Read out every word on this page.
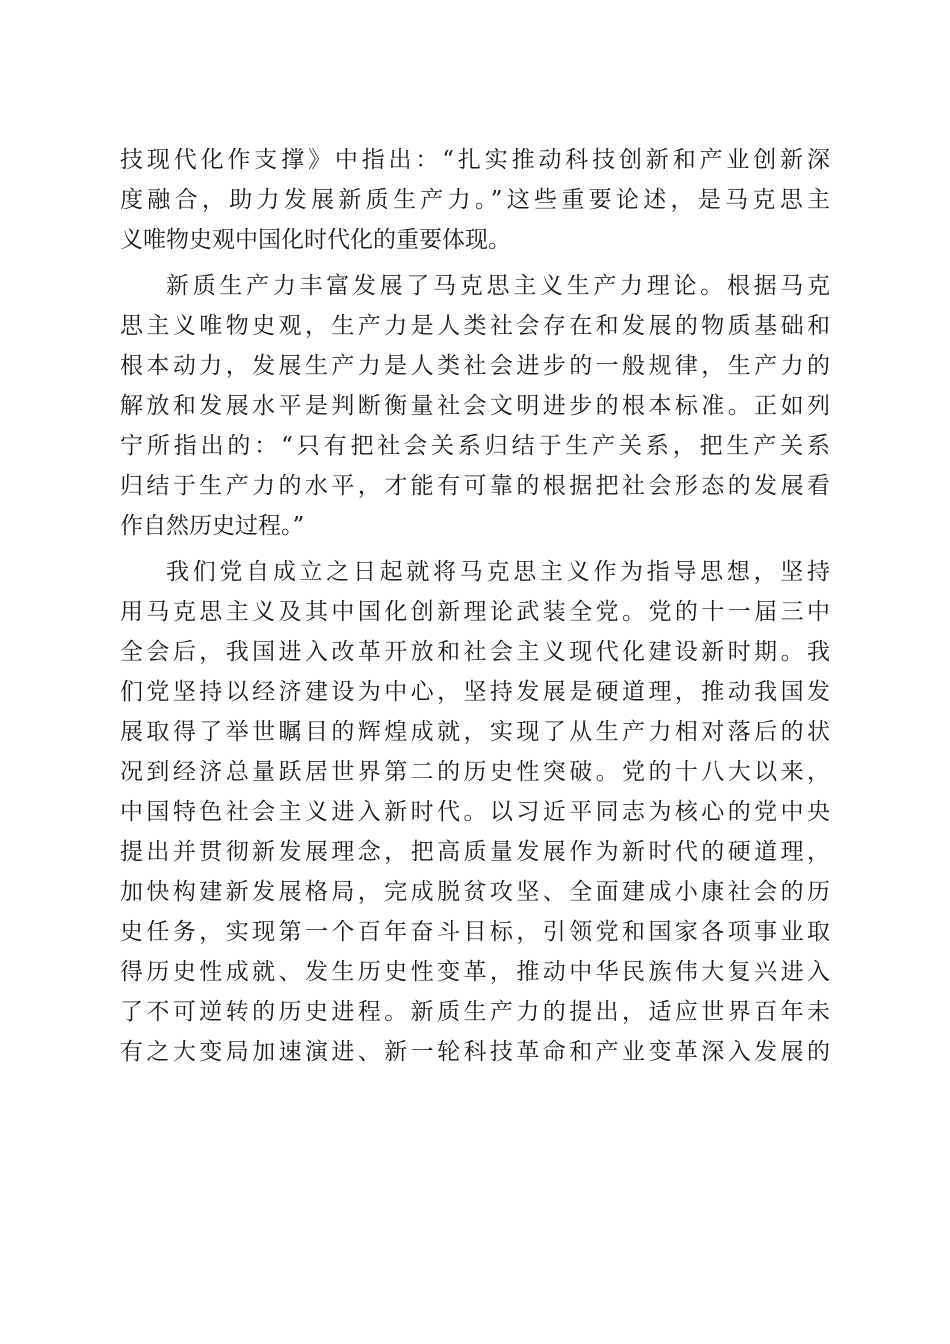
技现代化作支撑》中指出：“扎实推动科技创新和产业创新深
度融合，助力发展新质生产力。”这些重要论述，是马克思主
义唯物史观中国化时代化的重要体现。
新质生产力丰富发展了马克思主义生产力理论。根据马克
思主义唯物史观，生产力是人类社会存在和发展的物质基础和
根本动力，发展生产力是人类社会进步的一般规律，生产力的
解放和发展水平是判断衡量社会文明进步的根本标准。正如列
宁所指出的：“只有把社会关系归结于生产关系，把生产关系
归结于生产力的水平，才能有可靠的根据把社会形态的发展看
作自然历史过程。”
我们党自成立之日起就将马克思主义作为指导思想，坚持
用马克思主义及其中国化创新理论武装全党。党的十一届三中
全会后，我国进入改革开放和社会主义现代化建设新时期。我
们党坚持以经济建设为中心，坚持发展是硬道理，推动我国发
展取得了举世瞩目的辉煌成就，实现了从生产力相对落后的状
况到经济总量跃居世界第二的历史性突破。党的十八大以来，
中国特色社会主义进入新时代。以习近平同志为核心的党中央
提出并贯彻新发展理念，把高质量发展作为新时代的硬道理，
加快构建新发展格局，完成脱贫攻坚、全面建成小康社会的历
史任务，实现第一个百年奋斗目标，引领党和国家各项事业取
得历史性成就、发生历史性变革，推动中华民族伟大复兴进入
了不可逆转的历史进程。新质生产力的提出，适应世界百年未
有之大变局加速演进、新一轮科技革命和产业变革深入发展的
